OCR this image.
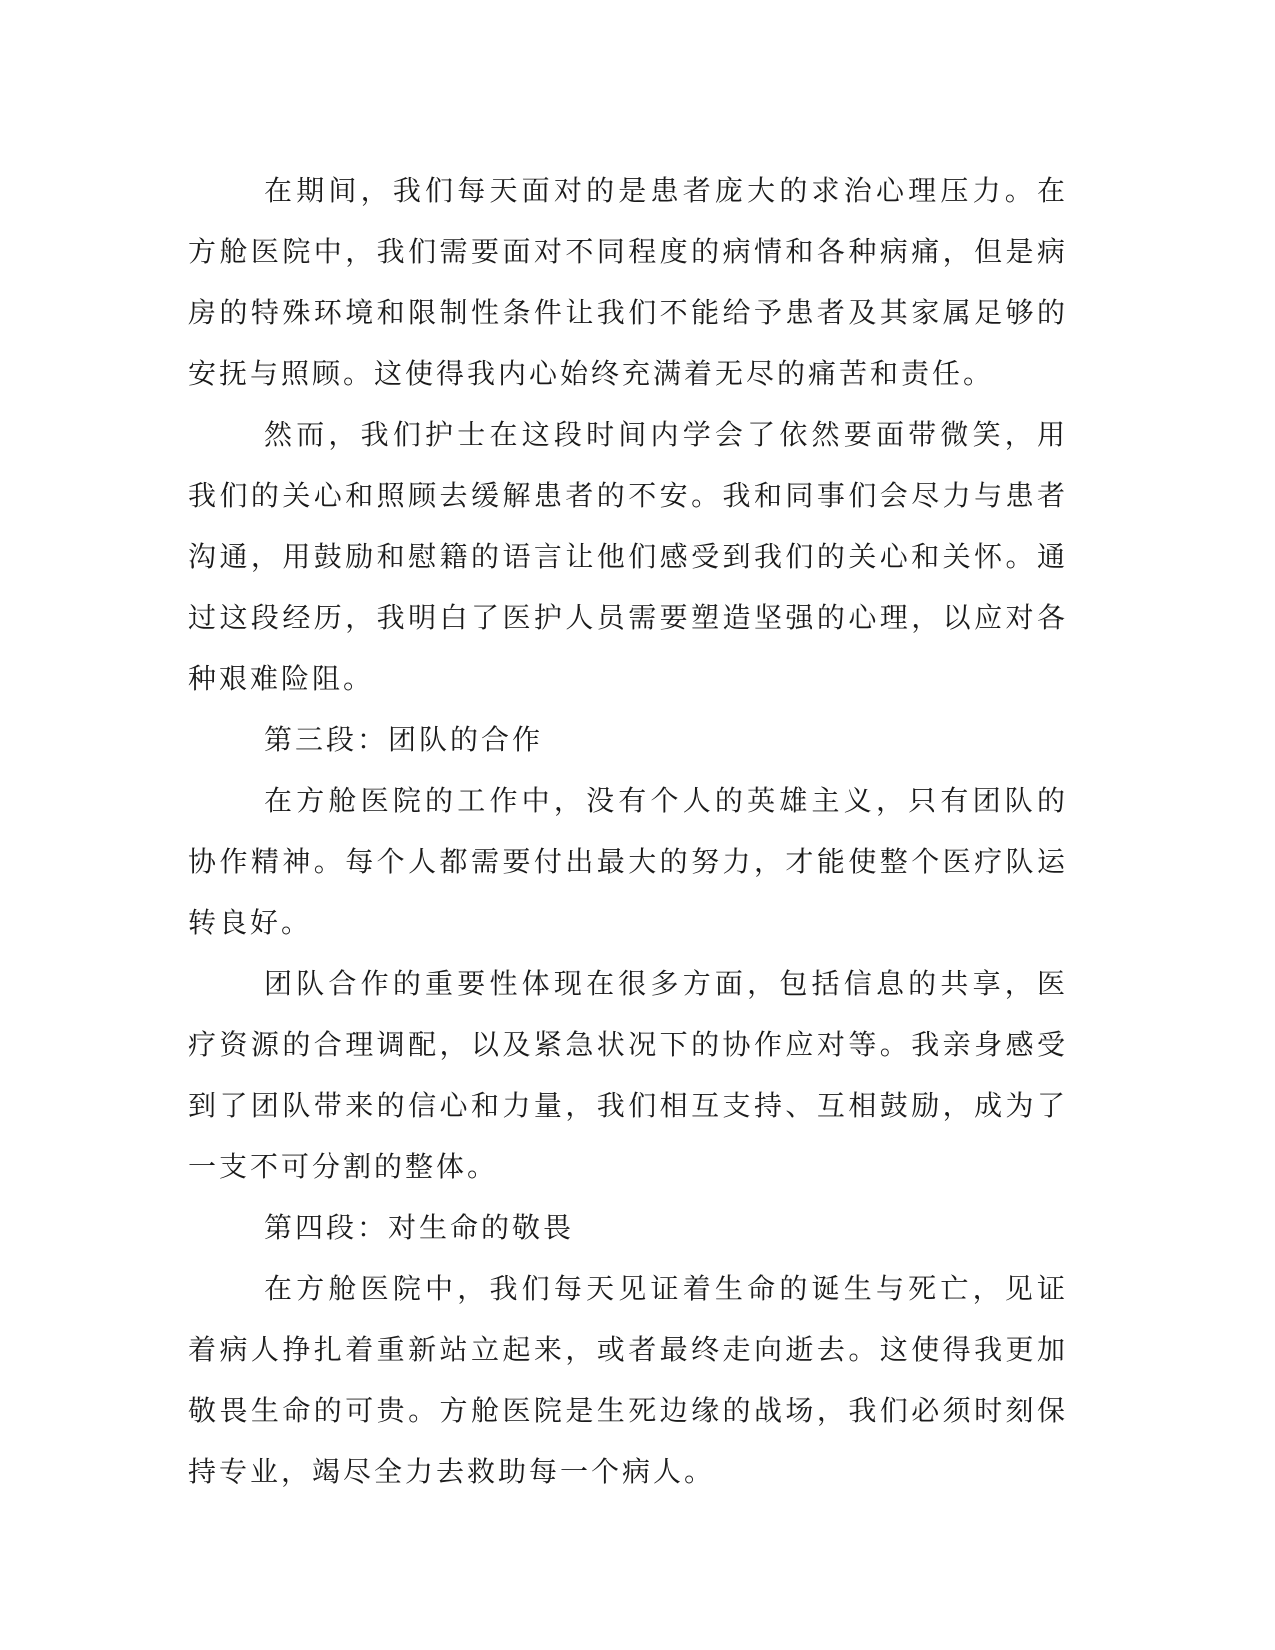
在期间，我们每天面对的是患者庞大的求治心理压力。在方舱医院中，我们需要面对不同程度的病情和各种病痛，但是病房的特殊环境和限制性条件让我们不能给予患者及其家属足够的安抚与照顾。这使得我内心始终充满着无尽的痛苦和责任。

然而，我们护士在这段时间内学会了依然要面带微笑，用我们的关心和照顾去缓解患者的不安。我和同事们会尽力与患者沟通，用鼓励和慰籍的语言让他们感受到我们的关心和关怀。通过这段经历，我明白了医护人员需要塑造坚强的心理，以应对各种艰难险阻。

第三段：团队的合作

在方舱医院的工作中，没有个人的英雄主义，只有团队的协作精神。每个人都需要付出最大的努力，才能使整个医疗队运转良好。

团队合作的重要性体现在很多方面，包括信息的共享，医疗资源的合理调配，以及紧急状况下的协作应对等。我亲身感受到了团队带来的信心和力量，我们相互支持、互相鼓励，成为了一支不可分割的整体。

第四段：对生命的敬畏

在方舱医院中，我们每天见证着生命的诞生与死亡，见证着病人挣扎着重新站立起来，或者最终走向逝去。这使得我更加敬畏生命的可贵。方舱医院是生死边缘的战场，我们必须时刻保持专业，竭尽全力去救助每一个病人。
